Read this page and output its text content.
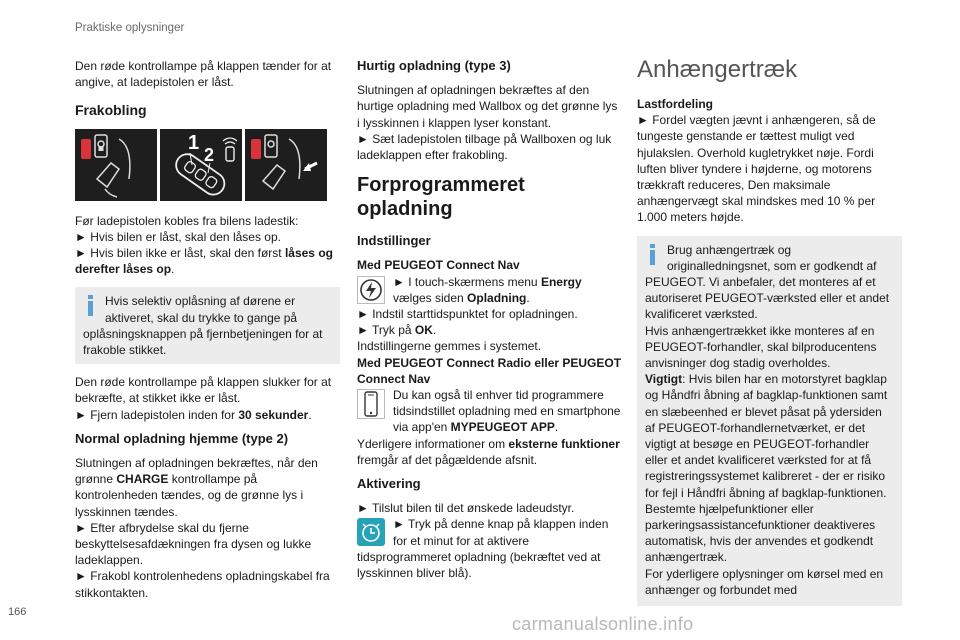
Praktiske oplysninger

Den røde kontrollampe på klappen tænder for at angive, at ladepistolen er låst.

Frakobling
1
2

Før ladepistolen kobles fra bilens ladestik:

► Hvis bilen er låst, skal den låses op.

► Hvis bilen ikke er låst, skal den først låses og derefter låses op.

Hvis selektiv oplåsning af dørene er aktiveret, skal du trykke to gange på oplåsningsknappen på fjernbetjeningen for at frakoble stikket.

Den røde kontrollampe på klappen slukker for at bekræfte, at stikket ikke er låst.

► Fjern ladepistolen inden for 30 sekunder.

Normal opladning hjemme (type 2)

Slutningen af opladningen bekræftes, når den grønne CHARGE kontrollampe på kontrolenheden tændes, og de grønne lys i lysskinnen tændes.

► Efter afbrydelse skal du fjerne beskyttelsesafdækningen fra dysen og lukke ladeklappen.

► Frakobl kontrolenhedens opladningskabel fra stikkontakten.

Hurtig opladning (type 3)

Slutningen af opladningen bekræftes af den hurtige opladning med Wallbox og det grønne lys i lysskinnen i klappen lyser konstant.

► Sæt ladepistolen tilbage på Wallboxen og luk ladeklappen efter frakobling.

Forprogrammeret opladning
Indstillinger

Med PEUGEOT Connect Nav

► I touch-skærmens menu Energy vælges siden Opladning.

► Indstil starttidspunktet for opladningen.

► Tryk på OK.

Indstillingerne gemmes i systemet.

Med PEUGEOT Connect Radio eller PEUGEOT Connect Nav

Du kan også til enhver tid programmere tidsindstillet opladning med en smartphone via app'en MYPEUGEOT APP.

Yderligere informationer om eksterne funktioner fremgår af det pågældende afsnit.

Aktivering

► Tilslut bilen til det ønskede ladeudstyr.

► Tryk på denne knap på klappen inden for et minut for at aktivere tidsprogrammeret opladning (bekræftet ved at lysskinnen bliver blå).

Anhængertræk

Lastfordeling

► Fordel vægten jævnt i anhængeren, så de tungeste genstande er tættest muligt ved hjulakslen. Overhold kugletrykket nøje. Fordi luften bliver tyndere i højderne, og motorens trækkraft reduceres, Den maksimale anhængervægt skal mindskes med 10 % per 1.000 meters højde.

Brug anhængertræk og originalledningsnet, som er godkendt af PEUGEOT. Vi anbefaler, det monteres af et autoriseret PEUGEOT-værksted eller et andet kvalificeret værksted.

Hvis anhængertrækket ikke monteres af en PEUGEOT-forhandler, skal bilproducentens anvisninger dog stadig overholdes.

Vigtigt: Hvis bilen har en motorstyret bagklap og Håndfri åbning af bagklap-funktionen samt en slæbeenhed er blevet påsat på ydersiden af PEUGEOT-forhandlernetværket, er det vigtigt at besøge en PEUGEOT-forhandler eller et andet kvalificeret værksted for at få registreringssystemet kalibreret - der er risiko for fejl i Håndfri åbning af bagklap-funktionen.

Bestemte hjælpefunktioner eller parkeringsassistancefunktioner deaktiveres automatisk, hvis der anvendes et godkendt anhængertræk.

For yderligere oplysninger om kørsel med en anhænger og forbundet med

166
carmanualsonline.info
